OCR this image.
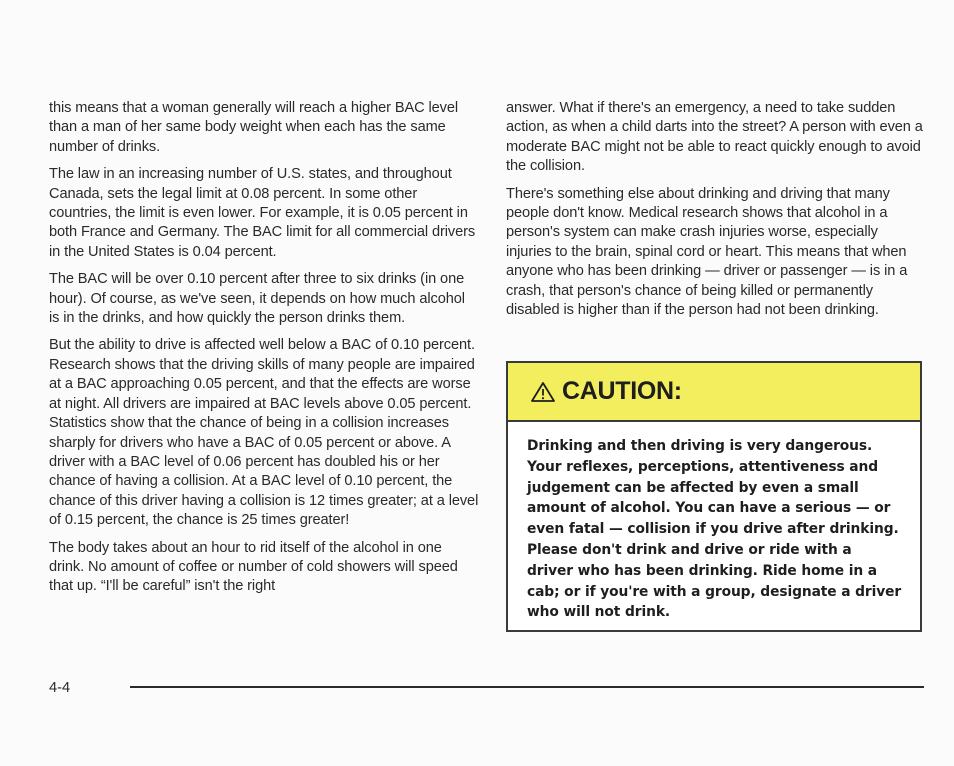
this means that a woman generally will reach a higher BAC level than a man of her same body weight when each has the same number of drinks.

The law in an increasing number of U.S. states, and throughout Canada, sets the legal limit at 0.08 percent. In some other countries, the limit is even lower. For example, it is 0.05 percent in both France and Germany. The BAC limit for all commercial drivers in the United States is 0.04 percent.

The BAC will be over 0.10 percent after three to six drinks (in one hour). Of course, as we've seen, it depends on how much alcohol is in the drinks, and how quickly the person drinks them.

But the ability to drive is affected well below a BAC of 0.10 percent. Research shows that the driving skills of many people are impaired at a BAC approaching 0.05 percent, and that the effects are worse at night. All drivers are impaired at BAC levels above 0.05 percent. Statistics show that the chance of being in a collision increases sharply for drivers who have a BAC of 0.05 percent or above. A driver with a BAC level of 0.06 percent has doubled his or her chance of having a collision. At a BAC level of 0.10 percent, the chance of this driver having a collision is 12 times greater; at a level of 0.15 percent, the chance is 25 times greater!

The body takes about an hour to rid itself of the alcohol in one drink. No amount of coffee or number of cold showers will speed that up. “I'll be careful” isn't the right

answer. What if there's an emergency, a need to take sudden action, as when a child darts into the street? A person with even a moderate BAC might not be able to react quickly enough to avoid the collision.

There's something else about drinking and driving that many people don't know. Medical research shows that alcohol in a person's system can make crash injuries worse, especially injuries to the brain, spinal cord or heart. This means that when anyone who has been drinking — driver or passenger — is in a crash, that person's chance of being killed or permanently disabled is higher than if the person had not been drinking.

CAUTION:
Drinking and then driving is very dangerous. Your reflexes, perceptions, attentiveness and judgement can be affected by even a small amount of alcohol. You can have a serious — or even fatal — collision if you drive after drinking. Please don't drink and drive or ride with a driver who has been drinking. Ride home in a cab; or if you're with a group, designate a driver who will not drink.
4-4
